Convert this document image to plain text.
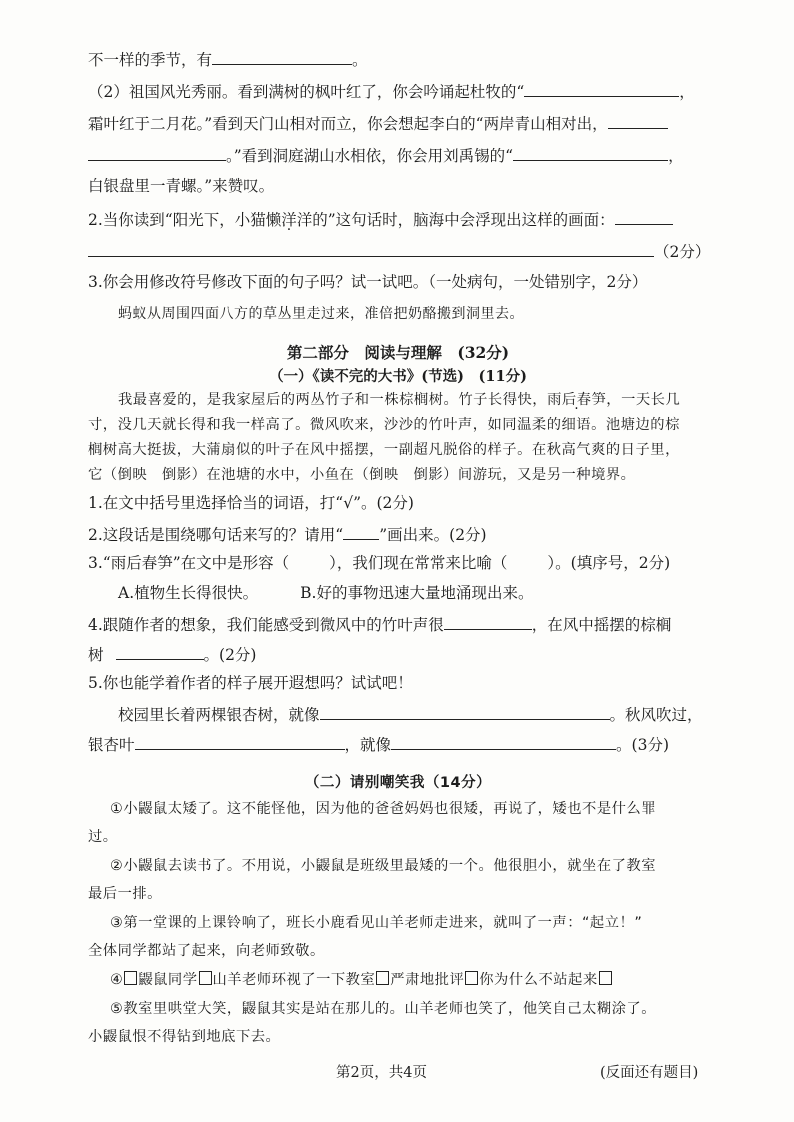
不一样的季节，有	。
（2）祖国风光秀丽。看到满树的枫叶红了，你会吟诵起杜牧的“	，
霜叶红于二月花。”看到天门山相对而立，你会想起李白的“两岸青山相对出，
。”看到洞庭湖山水相依，你会用刘禹锡的“	，
白银盘里一青螺。”来赞叹。
2.当你读到“阳光下，小猫懒洋洋的”这句话时，脑海中会浮现出这样的画面：
（2分）
3.你会用修改符号修改下面的句子吗？试一试吧。（一处病句，一处错别字，2分）
蚂蚁从周围四面八方的草丛里走过来，准倍把奶酪搬到洞里去。
第二部分　阅读与理解　(32分)
（一）《读不完的大书》(节选)　(11分)
我最喜爱的，是我家屋后的两丛竹子和一株棕榈树。竹子长得快，雨后春笋，一天长几
寸，没几天就长得和我一样高了。微风吹来，沙沙的竹叶声，如同温柔的细语。池塘边的棕
榈树高大挺拔，大蒲扇似的叶子在风中摇摆，一副超凡脱俗的样子。在秋高气爽的日子里，
它（倒映　倒影）在池塘的水中，小鱼在（倒映　倒影）间游玩，又是另一种境界。
1.在文中括号里选择恰当的词语，打“√”。(2分)
2.这段话是围绕哪句话来写的？请用“ ”画出来。(2分)
3.“雨后春笋”在文中是形容（	），我们现在常常来比喻（	）。(填序号，2分)
A.植物生长得很快。	B.好的事物迅速大量地涌现出来。
4.跟随作者的想象，我们能感受到微风中的竹叶声很	，在风中摇摆的棕榈
树	。(2分)
5.你也能学着作者的样子展开遐想吗？试试吧！
校园里长着两棵银杏树，就像	。秋风吹过，
银杏叶	，就像	。(3分)
（二）请别嘲笑我（14分）
①小鼹鼠太矮了。这不能怪他，因为他的爸爸妈妈也很矮，再说了，矮也不是什么罪
过。
②小鼹鼠去读书了。不用说，小鼹鼠是班级里最矮的一个。他很胆小，就坐在了教室
最后一排。
③第一堂课的上课铃响了，班长小鹿看见山羊老师走进来，就叫了一声：“起立！”
全体同学都站了起来，向老师致敬。
④ 鼹鼠同学 山羊老师环视了一下教室 严肃地批评 你为什么不站起来
⑤教室里哄堂大笑，鼹鼠其实是站在那儿的。山羊老师也笑了，他笑自己太糊涂了。
小鼹鼠恨不得钻到地底下去。
第2页，共4页	(反面还有题目)
